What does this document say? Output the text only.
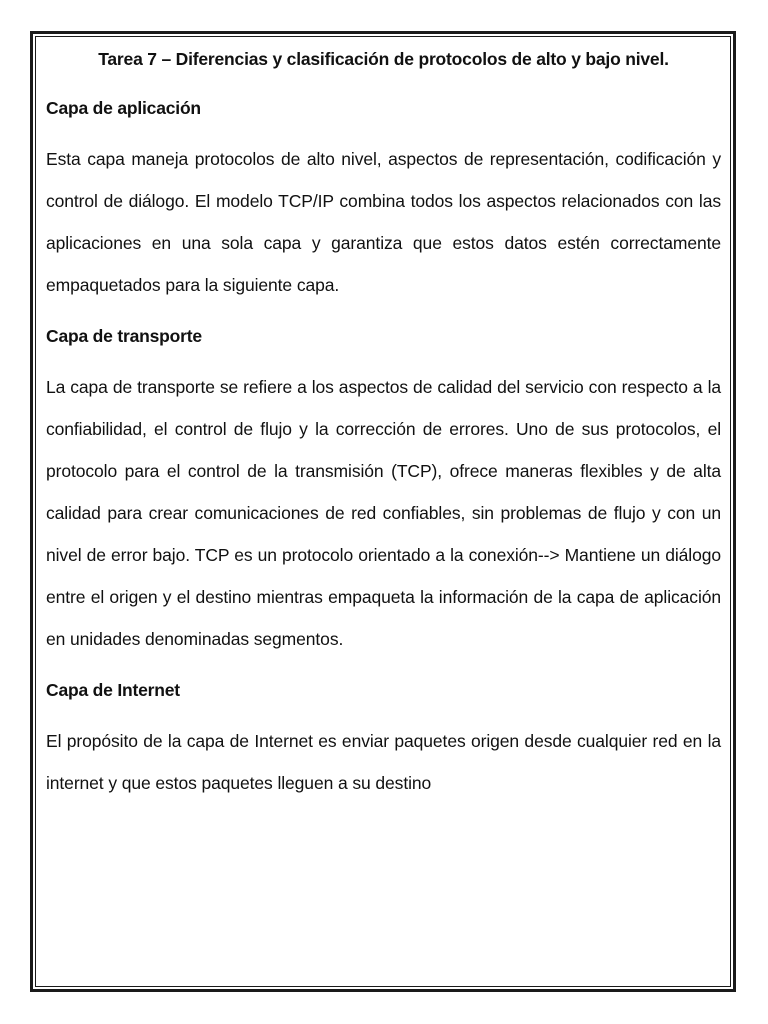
Tarea 7 – Diferencias y clasificación de protocolos de alto y bajo nivel.

Capa de aplicación

Esta capa maneja protocolos de alto nivel, aspectos de representación, codificación y control de diálogo. El modelo TCP/IP combina todos los aspectos relacionados con las aplicaciones en una sola capa y garantiza que estos datos estén correctamente empaquetados para la siguiente capa.

Capa de transporte

La capa de transporte se refiere a los aspectos de calidad del servicio con respecto a la confiabilidad, el control de flujo y la corrección de errores. Uno de sus protocolos, el protocolo para el control de la transmisión (TCP), ofrece maneras flexibles y de alta calidad para crear comunicaciones de red confiables, sin problemas de flujo y con un nivel de error bajo. TCP es un protocolo orientado a la conexión--> Mantiene un diálogo entre el origen y el destino mientras empaqueta la información de la capa de aplicación en unidades denominadas segmentos.

Capa de Internet

El propósito de la capa de Internet es enviar paquetes origen desde cualquier red en la internet y que estos paquetes lleguen a su destino
